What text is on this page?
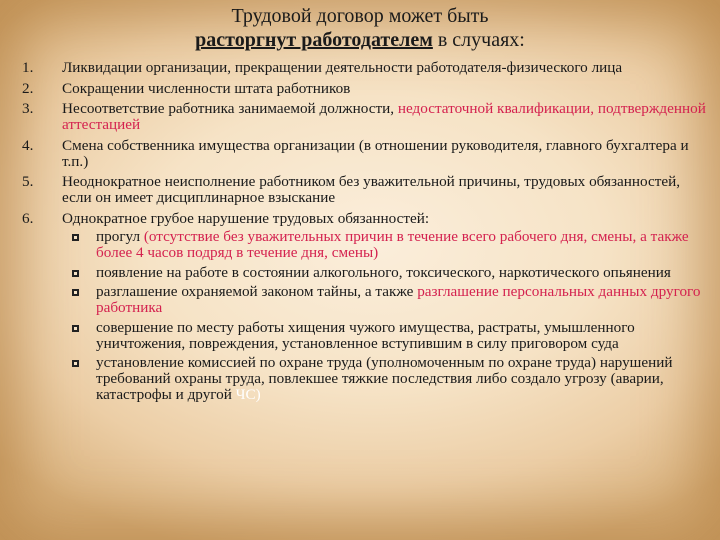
Трудовой договор может быть
расторгнут работодателем в случаях:
1.	Ликвидации организации, прекращении деятельности работодателя-физического лица
2.	Сокращении численности штата работников
3.	Несоответствие работника занимаемой должности, недостаточной квалификации, подтвержденной аттестацией
4.	Смена собственника имущества организации (в отношении руководителя, главного бухгалтера и т.п.)
5.	Неоднократное неисполнение работником без уважительной причины, трудовых обязанностей, если он имеет дисциплинарное взыскание
6.	Однократное грубое нарушение трудовых обязанностей:
прогул (отсутствие без уважительных причин в течение всего рабочего дня, смены, а также более 4 часов подряд в течение дня, смены)
появление на работе в состоянии алкогольного, токсического, наркотического опьянения
разглашение охраняемой законом тайны, а также разглашение персональных данных другого работника
совершение по месту работы хищения чужого имущества, растраты, умышленного уничтожения, повреждения, установленное вступившим в силу приговором суда
установление комиссией по охране труда (уполномоченным по охране труда) нарушений требований охраны труда, повлекшее тяжкие последствия либо создало угрозу (аварии, катастрофы и другой ЧС)
